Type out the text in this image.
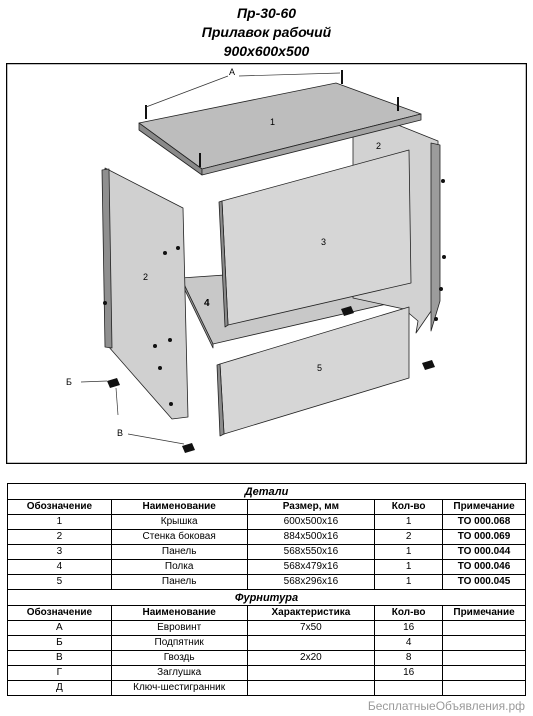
Пр-30-60
Прилавок рабочий
900x600x500
1
2
2
3
4
5
А
Б
В
Детали				
Обозначение	Наименование	Размер, мм	Кол-во	Примечание
1	Крышка	600x500x16	1	ТО 000.068
2	Стенка боковая	884x500x16	2	ТО 000.069
3	Панель	568x550x16	1	ТО 000.044
4	Полка	568x479x16	1	ТО 000.046
5	Панель	568x296x16	1	ТО 000.045
Фурнитура				
Обозначение	Наименование	Характеристика	Кол-во	Примечание
А	Евровинт	7x50	16	
Б	Подпятник		4	
В	Гвоздь	2x20	8	
Г	Заглушка		16	
Д	Ключ-шестигранник			
БесплатныеОбъявления.рф
